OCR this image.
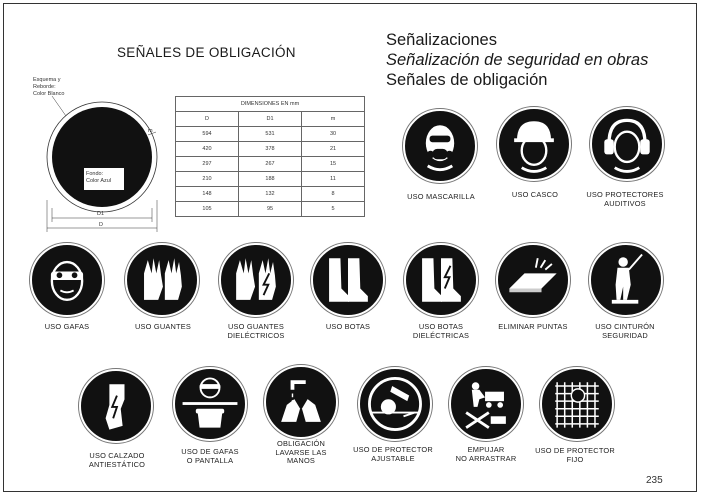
SEÑALES DE OBLIGACIÓN
Señalizaciones
Señalización de seguridad en obras
Señales de obligación
Esquema y
Reborde:
Color Blanco
Fondo:
Color Azul
m
D1
D
DIMENSIONES EN mm		
D	D1	m
594	531	30
420	378	21
297	267	15
210	188	11
148	132	8
105	95	5
USO MASCARILLA	USO CASCO	USO PROTECTORES
AUDITIVOS
USO GAFAS	USO GUANTES	USO GUANTES
DIELÉCTRICOS
USO BOTAS	USO BOTAS
DIELÉCTRICAS
ELIMINAR PUNTAS	USO CINTURÓN
SEGURIDAD
USO CALZADO
ANTIESTÁTICO
USO DE GAFAS
O PANTALLA
OBLIGACIÓN
LAVARSE LAS
MANOS
USO DE PROTECTOR
AJUSTABLE
EMPUJAR
NO ARRASTRAR
USO DE PROTECTOR
FIJO
235
